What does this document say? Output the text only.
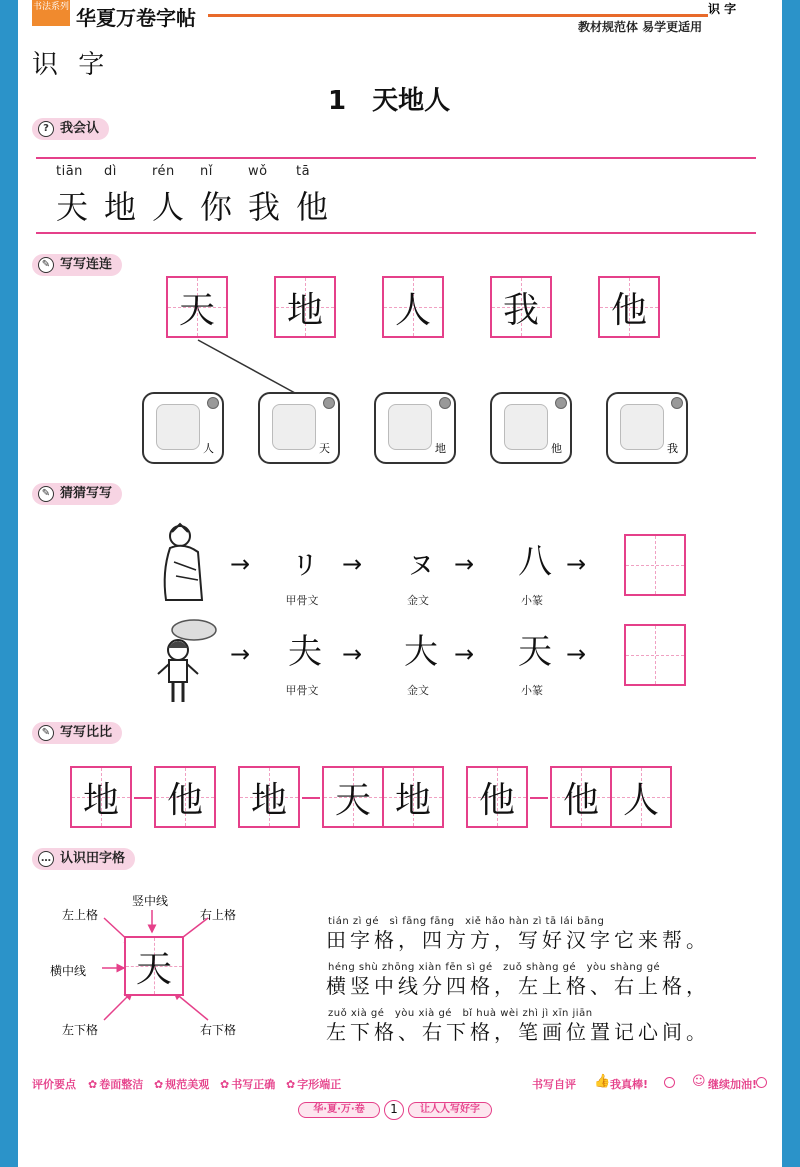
书法系列 华夏万卷字帖	识 字
教材规范体 易学更适用
识 字
1　天地人
? 我会认
tiān dì	rén nǐ	wǒ tā
天 地 人 你 我 他
✎ 写写连连
天	地	人	我	他
人	天	地	他	我
✎ 猜猜写写
→	→	→	→
ㇼ ㇴ 八
甲骨文	金文	小篆
→	→	→	→
夫 大 天
甲骨文	金文	小篆
✎ 写写比比
地	他	地	天 地	他	他 人
… 认识田字格
竖中线
左上格	右上格
横中线
左下格	右下格
天
tián zì gé　sì fāng fāng　xiě hǎo hàn zì tā lái bāng
田字格，四方方，写好汉字它来帮。
héng shù zhōng xiàn fēn sì gé　zuǒ shàng gé　yòu shàng gé
横竖中线分四格，左上格、右上格，
zuǒ xià gé　yòu xià gé　bǐ huà wèi zhì jì xīn jiān
左下格、右下格，笔画位置记心间。
评价要点 ✿ 卷面整洁 ✿ 规范美观 ✿ 书写正确 ✿ 字形端正	书写自评 👍 我真棒!	☺ 继续加油!
华·夏·万·卷	1	让人人写好字
